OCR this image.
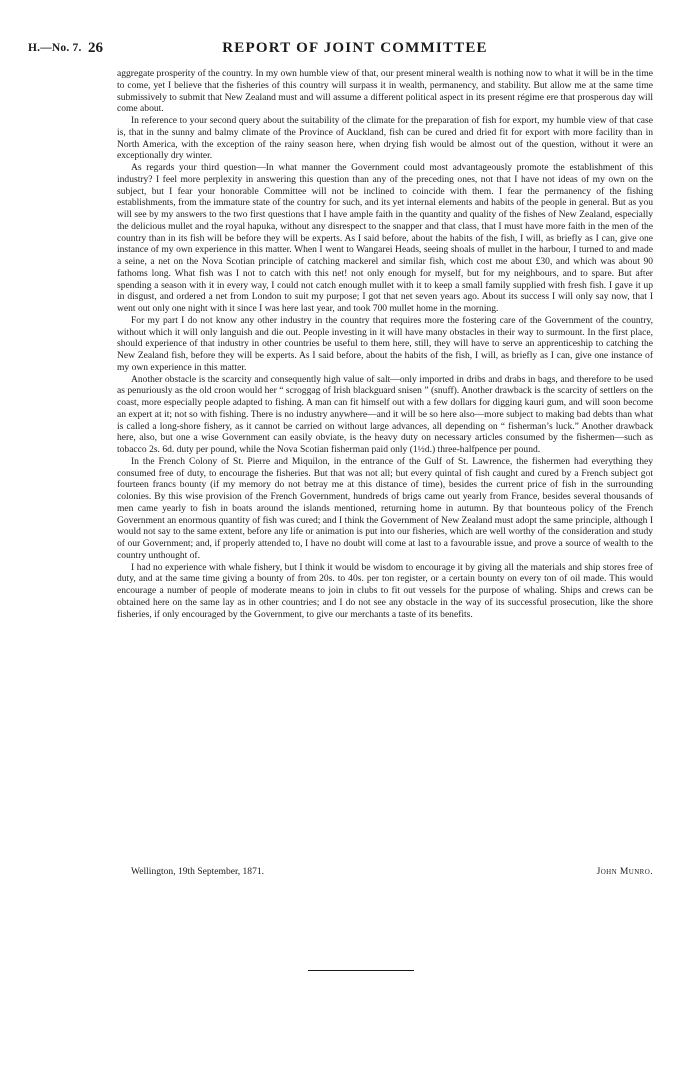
H.—No. 7. 26	REPORT OF JOINT COMMITTEE

aggregate prosperity of the country. In my own humble view of that, our present mineral wealth is nothing now to what it will be in the time to come, yet I believe that the fisheries of this country will surpass it in wealth, permanency, and stability. But allow me at the same time submissively to submit that New Zealand must and will assume a different political aspect in its present régime ere that prosperous day will come about.

In reference to your second query about the suitability of the climate for the preparation of fish for export, my humble view of that case is, that in the sunny and balmy climate of the Province of Auckland, fish can be cured and dried fit for export with more facility than in North America, with the exception of the rainy season here, when drying fish would be almost out of the question, without it were an exceptionally dry winter.

As regards your third question—In what manner the Government could most advantageously promote the establishment of this industry? I feel more perplexity in answering this question than any of the preceding ones, not that I have not ideas of my own on the subject, but I fear your honorable Committee will not be inclined to coincide with them. I fear the permanency of the fishing establishments, from the immature state of the country for such, and its yet internal elements and habits of the people in general. But as you will see by my answers to the two first questions that I have ample faith in the quantity and quality of the fishes of New Zealand, especially the delicious mullet and the royal hapuka, without any disrespect to the snapper and that class, that I must have more faith in the men of the country than in its fish will be before they will be experts. As I said before, about the habits of the fish, I will, as briefly as I can, give one instance of my own experience in this matter. When I went to Wangarei Heads, seeing shoals of mullet in the harbour, I turned to and made a seine, a net on the Nova Scotian principle of catching mackerel and similar fish, which cost me about £30, and which was about 90 fathoms long. What fish was I not to catch with this net! not only enough for myself, but for my neighbours, and to spare. But after spending a season with it in every way, I could not catch enough mullet with it to keep a small family supplied with fresh fish. I gave it up in disgust, and ordered a net from London to suit my purpose; I got that net seven years ago. About its success I will only say now, that I went out only one night with it since I was here last year, and took 700 mullet home in the morning.

For my part I do not know any other industry in the country that requires more the fostering care of the Government of the country, without which it will only languish and die out. People investing in it will have many obstacles in their way to surmount. In the first place, should experience of that industry in other countries be useful to them here, still, they will have to serve an apprenticeship to catching the New Zealand fish, before they will be experts. As I said before, about the habits of the fish, I will, as briefly as I can, give one instance of my own experience in this matter.

Another obstacle is the scarcity and consequently high value of salt—only imported in dribs and drabs in bags, and therefore to be used as penuriously as the old croon would her “ scroggag of Irish blackguard snisen ” (snuff). Another drawback is the scarcity of settlers on the coast, more especially people adapted to fishing. A man can fit himself out with a few dollars for digging kauri gum, and will soon become an expert at it; not so with fishing. There is no industry anywhere—and it will be so here also—more subject to making bad debts than what is called a long-shore fishery, as it cannot be carried on without large advances, all depending on “ fisherman’s luck.” Another drawback here, also, but one a wise Government can easily obviate, is the heavy duty on necessary articles consumed by the fishermen—such as tobacco 2s. 6d. duty per pound, while the Nova Scotian fisherman paid only (1½d.) three-halfpence per pound.

In the French Colony of St. Pierre and Miquilon, in the entrance of the Gulf of St. Lawrence, the fishermen had everything they consumed free of duty, to encourage the fisheries. But that was not all; but every quintal of fish caught and cured by a French subject got fourteen francs bounty (if my memory do not betray me at this distance of time), besides the current price of fish in the surrounding colonies. By this wise provision of the French Government, hundreds of brigs came out yearly from France, besides several thousands of men came yearly to fish in boats around the islands mentioned, returning home in autumn. By that bounteous policy of the French Government an enormous quantity of fish was cured; and I think the Government of New Zealand must adopt the same principle, although I would not say to the same extent, before any life or animation is put into our fisheries, which are well worthy of the consideration and study of our Government; and, if properly attended to, I have no doubt will come at last to a favourable issue, and prove a source of wealth to the country unthought of.

I had no experience with whale fishery, but I think it would be wisdom to encourage it by giving all the materials and ship stores free of duty, and at the same time giving a bounty of from 20s. to 40s. per ton register, or a certain bounty on every ton of oil made. This would encourage a number of people of moderate means to join in clubs to fit out vessels for the purpose of whaling. Ships and crews can be obtained here on the same lay as in other countries; and I do not see any obstacle in the way of its successful prosecution, like the shore fisheries, if only encouraged by the Government, to give our merchants a taste of its benefits.

Wellington, 19th September, 1871.	John Munro.
